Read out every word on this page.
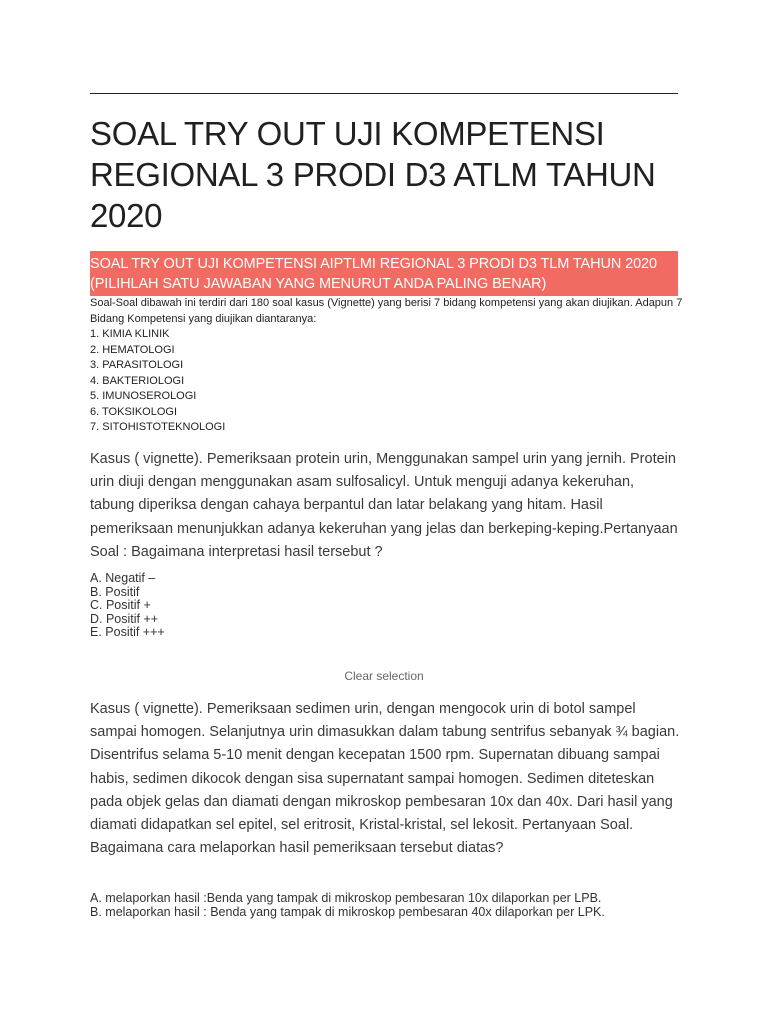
SOAL TRY OUT UJI KOMPETENSI REGIONAL 3 PRODI D3 ATLM TAHUN 2020
SOAL TRY OUT UJI KOMPETENSI AIPTLMI REGIONAL 3 PRODI D3 TLM TAHUN 2020 (PILIHLAH SATU JAWABAN YANG MENURUT ANDA PALING BENAR)

Soal-Soal dibawah ini terdiri dari 180 soal kasus (Vignette) yang berisi 7 bidang kompetensi yang akan diujikan. Adapun 7 Bidang Kompetensi yang diujikan diantaranya:

1. KIMIA KLINIK
2. HEMATOLOGI
3. PARASITOLOGI
4. BAKTERIOLOGI
5. IMUNOSEROLOGI
6. TOKSIKOLOGI
7. SITOHISTOTEKNOLOGI

Kasus ( vignette). Pemeriksaan protein urin, Menggunakan sampel urin yang jernih. Protein urin diuji dengan menggunakan asam sulfosalicyl. Untuk menguji adanya kekeruhan, tabung diperiksa dengan cahaya berpantul dan latar belakang yang hitam. Hasil pemeriksaan menunjukkan adanya kekeruhan yang jelas dan berkeping-keping.Pertanyaan Soal : Bagaimana interpretasi hasil tersebut ?

A. Negatif –
B. Positif
C. Positif +
D. Positif ++
E. Positif +++
Clear selection

Kasus ( vignette). Pemeriksaan sedimen urin, dengan mengocok urin di botol sampel sampai homogen. Selanjutnya urin dimasukkan dalam tabung sentrifus sebanyak ¾ bagian. Disentrifus selama 5-10 menit dengan kecepatan 1500 rpm. Supernatan dibuang sampai habis, sedimen dikocok dengan sisa supernatant sampai homogen. Sedimen diteteskan pada objek gelas dan diamati dengan mikroskop pembesaran 10x dan 40x. Dari hasil yang diamati didapatkan sel epitel, sel eritrosit, Kristal-kristal, sel lekosit. Pertanyaan Soal. Bagaimana cara melaporkan hasil pemeriksaan tersebut diatas?

A. melaporkan hasil :Benda yang tampak di mikroskop pembesaran 10x dilaporkan per LPB.
B. melaporkan hasil : Benda yang tampak di mikroskop pembesaran 40x dilaporkan per LPK.
